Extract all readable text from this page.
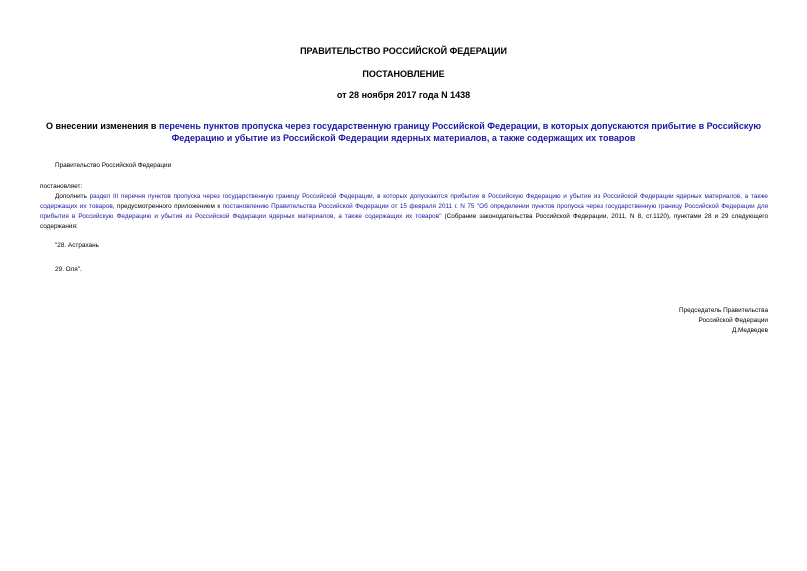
ПРАВИТЕЛЬСТВО РОССИЙСКОЙ ФЕДЕРАЦИИ
ПОСТАНОВЛЕНИЕ
от 28 ноября 2017 года N 1438
О внесении изменения в перечень пунктов пропуска через государственную границу Российской Федерации, в которых допускаются прибытие в Российскую Федерацию и убытие из Российской Федерации ядерных материалов, а также содержащих их товаров
Правительство Российской Федерации
постановляет:
Дополнить раздел III перечня пунктов пропуска через государственную границу Российской Федерации, в которых допускаются прибытие в Российскую Федерацию и убытие из Российской Федерации ядерных материалов, а также содержащих их товаров, предусмотренного приложением к постановлению Правительства Российской Федерации от 15 февраля 2011 г. N 75 "Об определении пунктов пропуска через государственную границу Российской Федерации для прибытия в Российскую Федерацию и убытия из Российской Федерации ядерных материалов, а также содержащих их товаров" (Собрание законодательства Российской Федерации, 2011, N 8, ст.1120), пунктами 28 и 29 следующего содержания:
"28. Астрахань
29. Оля".
Председатель Правительства
Российской Федерации
Д.Медведев
